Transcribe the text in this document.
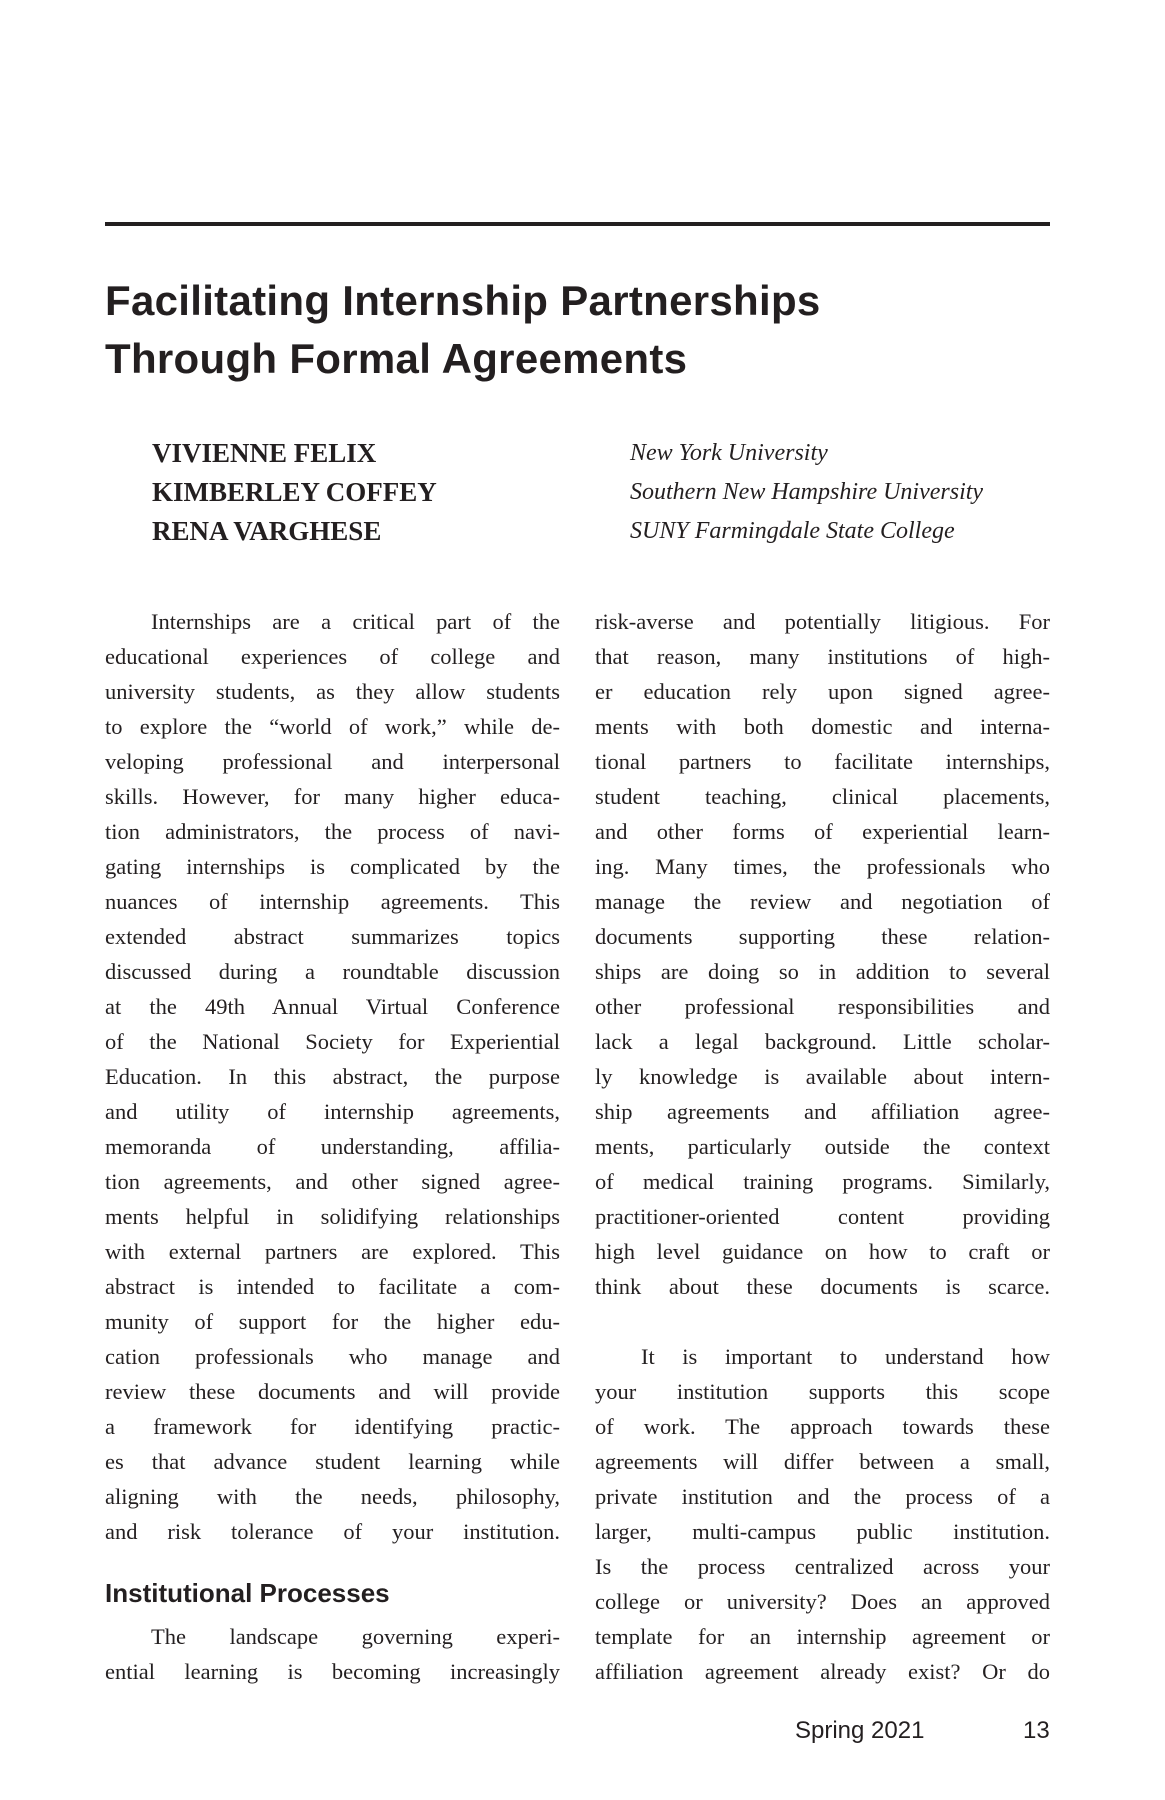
Facilitating Internship Partnerships
Through Formal Agreements
VIVIENNE FELIX
KIMBERLEY COFFEY
RENA VARGHESE
New York University
Southern New Hampshire University
SUNY Farmingdale State College
Internships are a critical part of the
educational experiences of college and
university students, as they allow students
to explore the “world of work,” while de-
veloping professional and interpersonal
skills. However, for many higher educa-
tion administrators, the process of navi-
gating internships is complicated by the
nuances of internship agreements. This
extended abstract summarizes topics
discussed during a roundtable discussion
at the 49th Annual Virtual Conference
of the National Society for Experiential
Education. In this abstract, the purpose
and utility of internship agreements,
memoranda of understanding, affilia-
tion agreements, and other signed agree-
ments helpful in solidifying relationships
with external partners are explored. This
abstract is intended to facilitate a com-
munity of support for the higher edu-
cation professionals who manage and
review these documents and will provide
a framework for identifying practic-
es that advance student learning while
aligning with the needs, philosophy,
and risk tolerance of your institution.
Institutional Processes
The landscape governing experi-
ential learning is becoming increasingly
risk-averse and potentially litigious. For
that reason, many institutions of high-
er education rely upon signed agree-
ments with both domestic and interna-
tional partners to facilitate internships,
student teaching, clinical placements,
and other forms of experiential learn-
ing. Many times, the professionals who
manage the review and negotiation of
documents supporting these relation-
ships are doing so in addition to several
other professional responsibilities and
lack a legal background. Little scholar-
ly knowledge is available about intern-
ship agreements and affiliation agree-
ments, particularly outside the context
of medical training programs. Similarly,
practitioner-oriented content providing
high level guidance on how to craft or
think about these documents is scarce.
It is important to understand how
your institution supports this scope
of work. The approach towards these
agreements will differ between a small,
private institution and the process of a
larger, multi-campus public institution.
Is the process centralized across your
college or university? Does an approved
template for an internship agreement or
affiliation agreement already exist? Or do
Spring 2021	13
